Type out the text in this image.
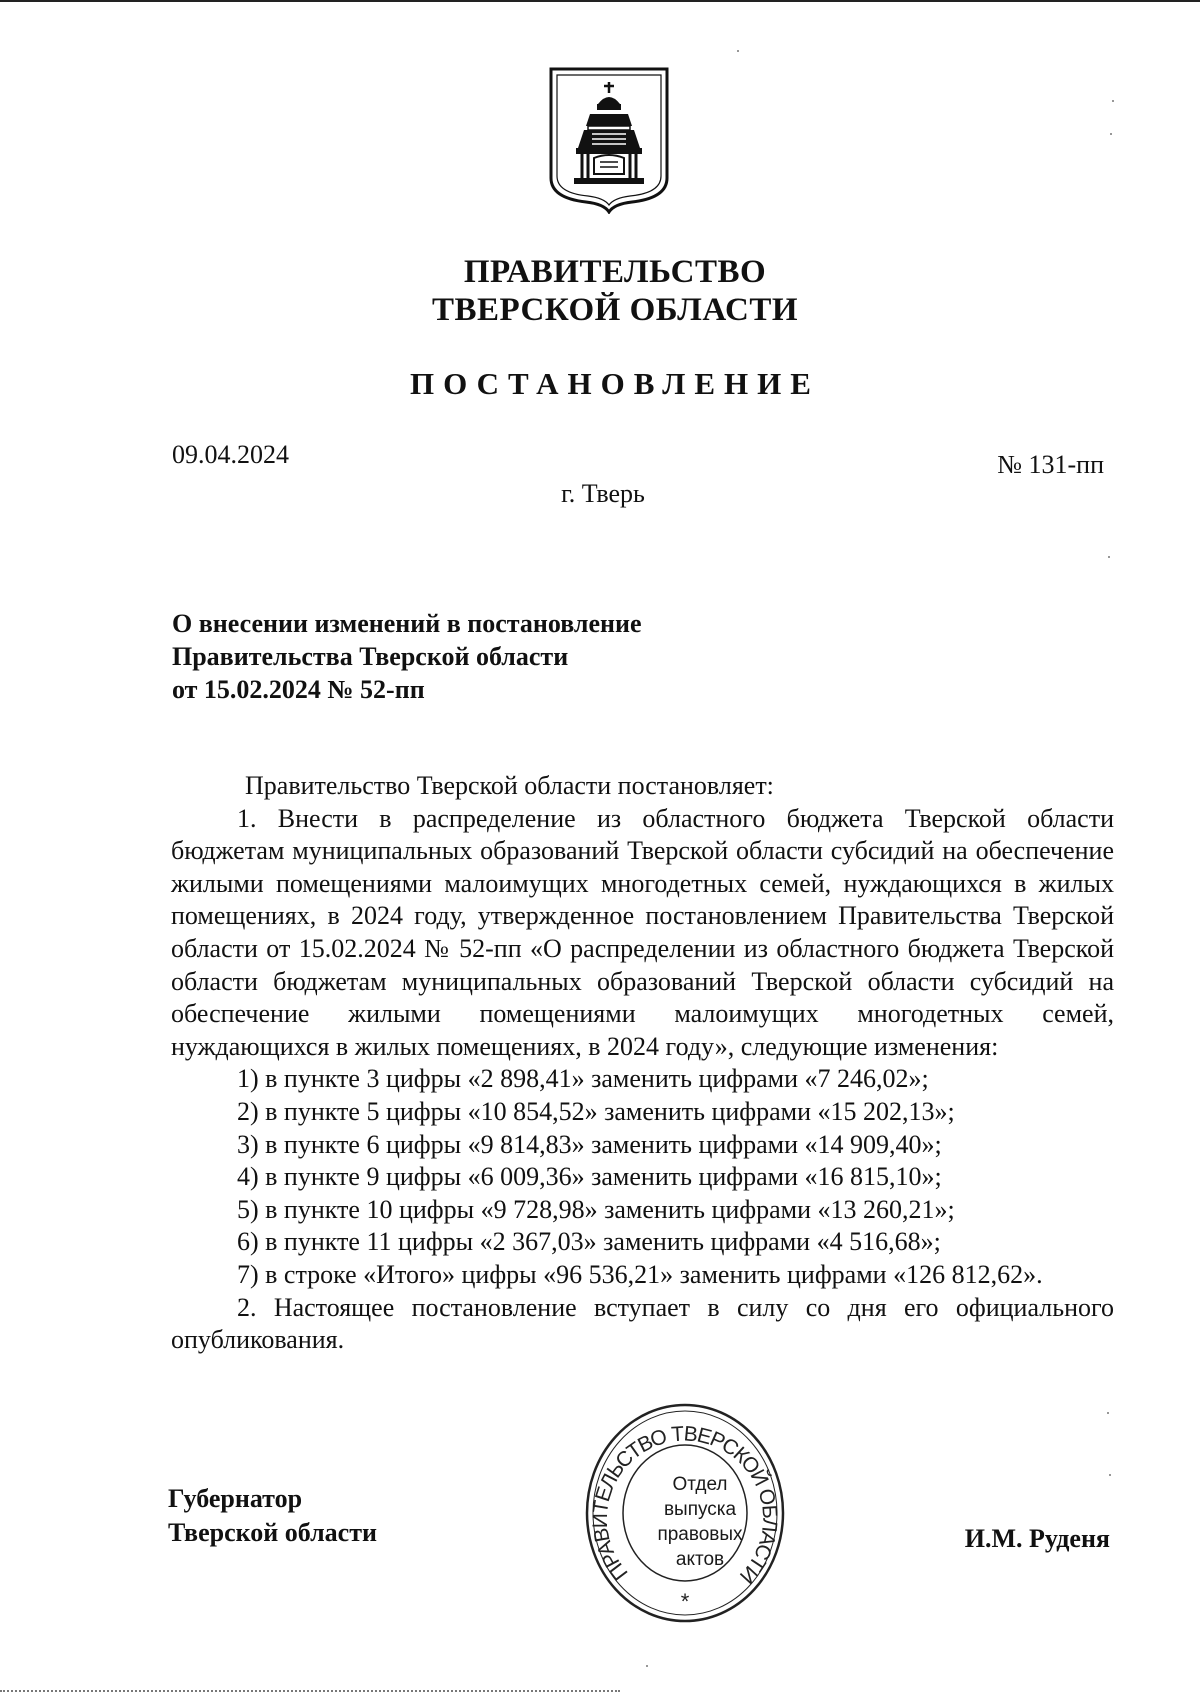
ПРАВИТЕЛЬСТВО
ТВЕРСКОЙ ОБЛАСТИ
ПОСТАНОВЛЕНИЕ
09.04.2024	№ 131-пп
г. Тверь
О внесении изменений в постановление
Правительства Тверской области
от 15.02.2024 № 52-пп

Правительство Тверской области постановляет:

1. Внести в распределение из областного бюджета Тверской области бюджетам муниципальных образований Тверской области субсидий на обеспечение жилыми помещениями малоимущих многодетных семей, нуждающихся в жилых помещениях, в 2024 году, утвержденное постановлением Правительства Тверской области от 15.02.2024 № 52-пп «О распределении из областного бюджета Тверской области бюджетам муниципальных образований Тверской области субсидий на обеспечение жилыми помещениями малоимущих многодетных семей, нуждающихся в жилых помещениях, в 2024 году», следующие изменения:

1) в пункте 3 цифры «2 898,41» заменить цифрами «7 246,02»;

2) в пункте 5 цифры «10 854,52» заменить цифрами «15 202,13»;

3) в пункте 6 цифры «9 814,83» заменить цифрами «14 909,40»;

4) в пункте 9 цифры «6 009,36» заменить цифрами «16 815,10»;

5) в пункте 10 цифры «9 728,98» заменить цифрами «13 260,21»;

6) в пункте 11 цифры «2 367,03» заменить цифрами «4 516,68»;

7) в строке «Итого» цифры «96 536,21» заменить цифрами «126 812,62».

2. Настоящее постановление вступает в силу со дня его официального опубликования.

Губернатор
Тверской области	И.М. Руденя
ПРАВИТЕЛЬСТВО ТВЕРСКОЙ ОБЛАСТИ
*
Отдел
выпуска
правовых
актов
